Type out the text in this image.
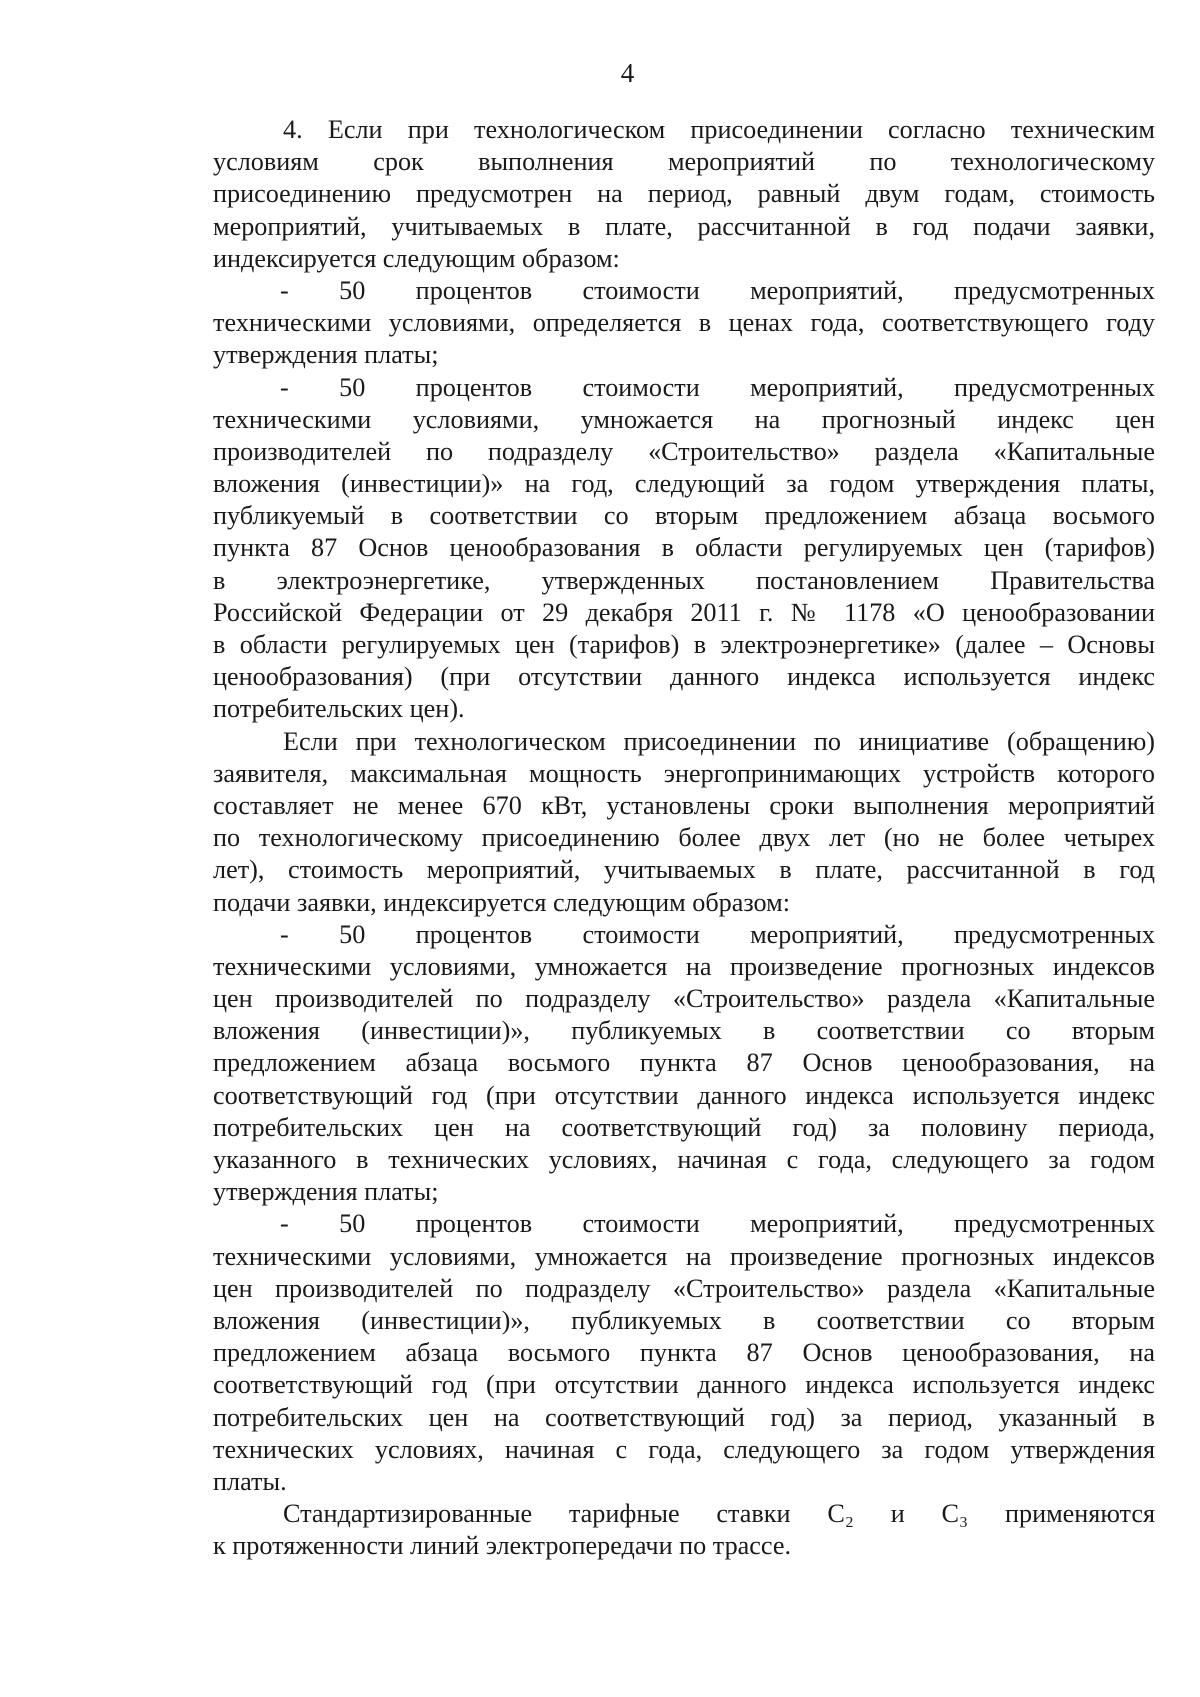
4
4. Если при технологическом присоединении согласно техническим
условиям срок выполнения мероприятий по технологическому
присоединению предусмотрен на период, равный двум годам, стоимость
мероприятий, учитываемых в плате, рассчитанной в год подачи заявки,
индексируется следующим образом:
- 50 процентов стоимости мероприятий, предусмотренных
техническими условиями, определяется в ценах года, соответствующего году
утверждения платы;
- 50 процентов стоимости мероприятий, предусмотренных
техническими условиями, умножается на прогнозный индекс цен
производителей по подразделу «Строительство» раздела «Капитальные
вложения (инвестиции)» на год, следующий за годом утверждения платы,
публикуемый в соответствии со вторым предложением абзаца восьмого
пункта 87 Основ ценообразования в области регулируемых цен (тарифов)
в электроэнергетике, утвержденных постановлением Правительства
Российской Федерации от 29 декабря 2011 г. № 1178 «О ценообразовании
в области регулируемых цен (тарифов) в электроэнергетике» (далее – Основы
ценообразования) (при отсутствии данного индекса используется индекс
потребительских цен).
Если при технологическом присоединении по инициативе (обращению)
заявителя, максимальная мощность энергопринимающих устройств которого
составляет не менее 670 кВт, установлены сроки выполнения мероприятий
по технологическому присоединению более двух лет (но не более четырех
лет), стоимость мероприятий, учитываемых в плате, рассчитанной в год
подачи заявки, индексируется следующим образом:
- 50 процентов стоимости мероприятий, предусмотренных
техническими условиями, умножается на произведение прогнозных индексов
цен производителей по подразделу «Строительство» раздела «Капитальные
вложения (инвестиции)», публикуемых в соответствии со вторым
предложением абзаца восьмого пункта 87 Основ ценообразования, на
соответствующий год (при отсутствии данного индекса используется индекс
потребительских цен на соответствующий год) за половину периода,
указанного в технических условиях, начиная с года, следующего за годом
утверждения платы;
- 50 процентов стоимости мероприятий, предусмотренных
техническими условиями, умножается на произведение прогнозных индексов
цен производителей по подразделу «Строительство» раздела «Капитальные
вложения (инвестиции)», публикуемых в соответствии со вторым
предложением абзаца восьмого пункта 87 Основ ценообразования, на
соответствующий год (при отсутствии данного индекса используется индекс
потребительских цен на соответствующий год) за период, указанный в
технических условиях, начиная с года, следующего за годом утверждения
платы.
Стандартизированные тарифные ставки C₂ и C₃ применяются
к протяженности линий электропередачи по трассе.
